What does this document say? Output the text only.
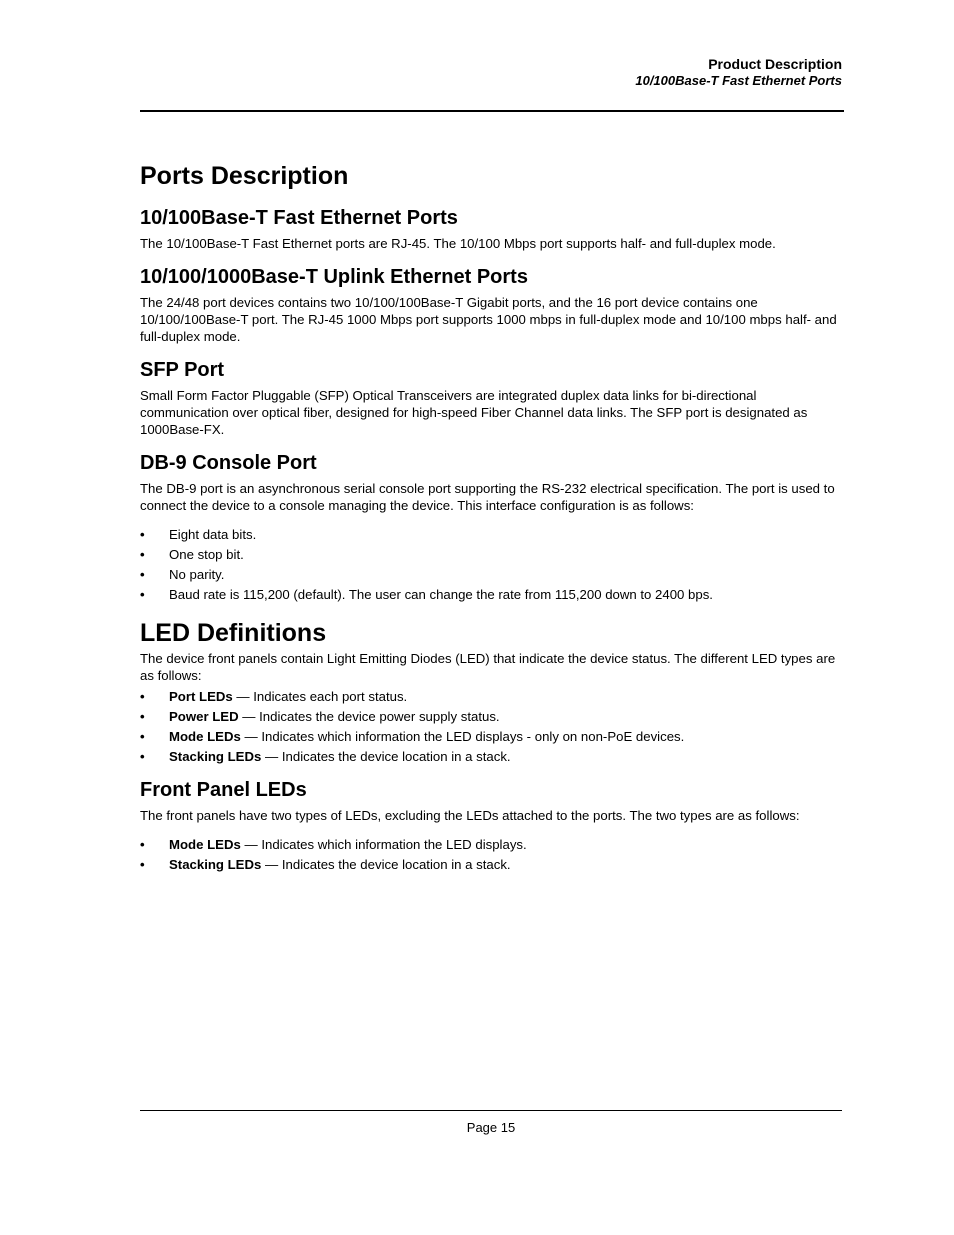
Product Description
10/100Base-T Fast Ethernet Ports
Ports Description
10/100Base-T Fast Ethernet Ports

The 10/100Base-T Fast Ethernet ports are RJ-45. The 10/100 Mbps port supports half- and full-duplex mode.

10/100/1000Base-T Uplink Ethernet Ports

The 24/48 port devices contains two 10/100/100Base-T Gigabit ports, and the 16 port device contains one 10/100/100Base-T port. The RJ-45 1000 Mbps port supports 1000 mbps in full-duplex mode and 10/100 mbps half- and full-duplex mode.

SFP Port

Small Form Factor Pluggable (SFP) Optical Transceivers are integrated duplex data links for bi-directional communication over optical fiber, designed for high-speed Fiber Channel data links. The SFP port is designated as 1000Base-FX.

DB-9 Console Port

The DB-9 port is an asynchronous serial console port supporting the RS-232 electrical specification. The port is used to connect the device to a console managing the device. This interface configuration is as follows:

• Eight data bits.
• One stop bit.
• No parity.
• Baud rate is 115,200 (default). The user can change the rate from 115,200 down to 2400 bps.
LED Definitions

The device front panels contain Light Emitting Diodes (LED) that indicate the device status. The different LED types are as follows:

• Port LEDs — Indicates each port status.
• Power LED — Indicates the device power supply status.
• Mode LEDs — Indicates which information the LED displays - only on non-PoE devices.
• Stacking LEDs — Indicates the device location in a stack.
Front Panel LEDs

The front panels have two types of LEDs, excluding the LEDs attached to the ports. The two types are as follows:

• Mode LEDs — Indicates which information the LED displays.
• Stacking LEDs — Indicates the device location in a stack.
Page 15
